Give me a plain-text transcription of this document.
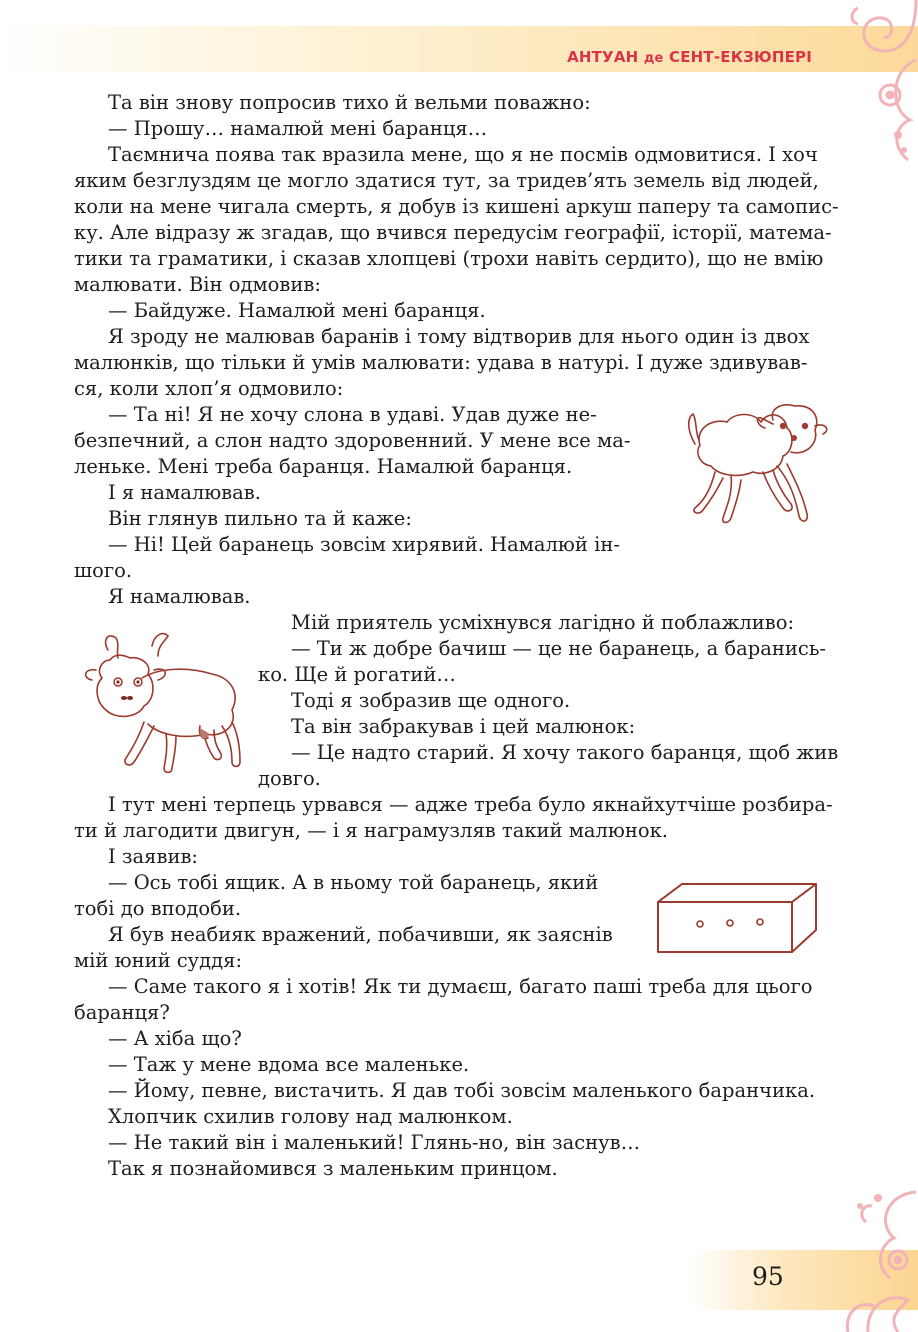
АНТУАН де СЕНТ-ЕКЗЮПЕРІ
Та він знову попросив тихо й вельми поважно:
— Прошу… намалюй мені баранця…
Таємнича поява так вразила мене, що я не посмів одмовитися. І хоч
яким безглуздям це могло здатися тут, за тридев’ять земель від людей,
коли на мене чигала смерть, я добув із кишені аркуш паперу та самопис-
ку. Але відразу ж згадав, що вчився передусім географії, історії, матема-
тики та граматики, і сказав хлопцеві (трохи навіть сердито), що не вмію
малювати. Він одмовив:
— Байдуже. Намалюй мені баранця.
Я зроду не малював баранів і тому відтворив для нього один із двох
малюнків, що тільки й умів малювати: удава в натурі. І дуже здивував-
ся, коли хлоп’я одмовило:
— Та ні! Я не хочу слона в удаві. Удав дуже не-
безпечний, а слон надто здоровенний. У мене все ма-
леньке. Мені треба баранця. Намалюй баранця.
І я намалював.
Він глянув пильно та й каже:
— Ні! Цей баранець зовсім хирявий. Намалюй ін-
шого.
Я намалював.
Мій приятель усміхнувся лагідно й поблажливо:
— Ти ж добре бачиш — це не баранець, а баранись-
ко. Ще й рогатий…
Тоді я зобразив ще одного.
Та він забракував і цей малюнок:
— Це надто старий. Я хочу такого баранця, щоб жив
довго.
І тут мені терпець урвався — адже треба було якнайхутчіше розбира-
ти й лагодити двигун, — і я награмузляв такий малюнок.
І заявив:
— Ось тобі ящик. А в ньому той баранець, який
тобі до вподоби.
Я був неабияк вражений, побачивши, як заяснів
мій юний суддя:
— Саме такого я і хотів! Як ти думаєш, багато паші треба для цього
баранця?
— А хіба що?
— Таж у мене вдома все маленьке.
— Йому, певне, вистачить. Я дав тобі зовсім маленького баранчика.
Хлопчик схилив голову над малюнком.
— Не такий він і маленький! Глянь-но, він заснув…
Так я познайомився з маленьким принцом.
95
